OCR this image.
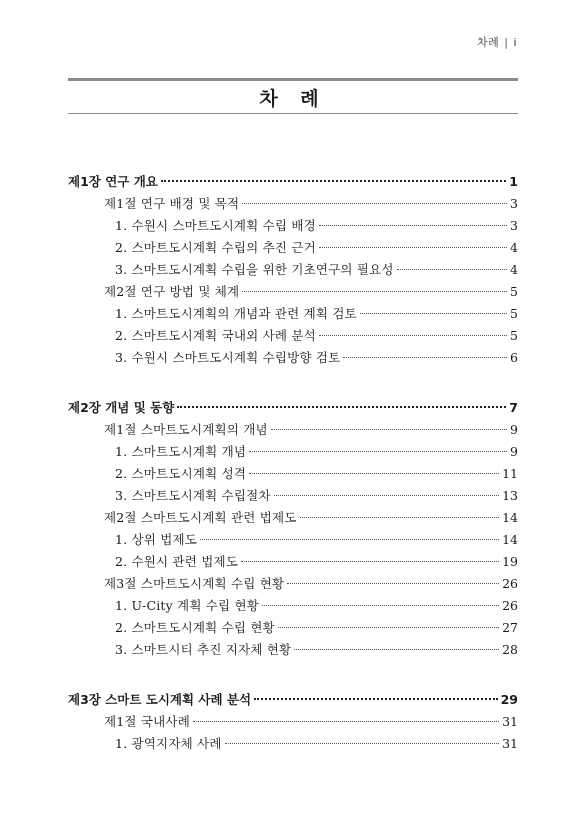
차례 | i
차 례
제1장 연구 개요	1
제1절 연구 배경 및 목적	3
1. 수원시 스마트도시계획 수립 배경	3
2. 스마트도시계획 수립의 추진 근거	4
3. 스마트도시계획 수립을 위한 기초연구의 필요성	4
제2절 연구 방법 및 체계	5
1. 스마트도시계획의 개념과 관련 계획 검토	5
2. 스마트도시계획 국내외 사례 분석	5
3. 수원시 스마트도시계획 수립방향 검토	6
제2장 개념 및 동향	7
제1절 스마트도시계획의 개념	9
1. 스마트도시계획 개념	9
2. 스마트도시계획 성격	11
3. 스마트도시계획 수립절차	13
제2절 스마트도시계획 관련 법제도	14
1. 상위 법제도	14
2. 수원시 관련 법제도	19
제3절 스마트도시계획 수립 현황	26
1. U-City 계획 수립 현황	26
2. 스마트도시계획 수립 현황	27
3. 스마트시티 추진 지자체 현황	28
제3장 스마트 도시계획 사례 분석	29
제1절 국내사례	31
1. 광역지자체 사례	31
